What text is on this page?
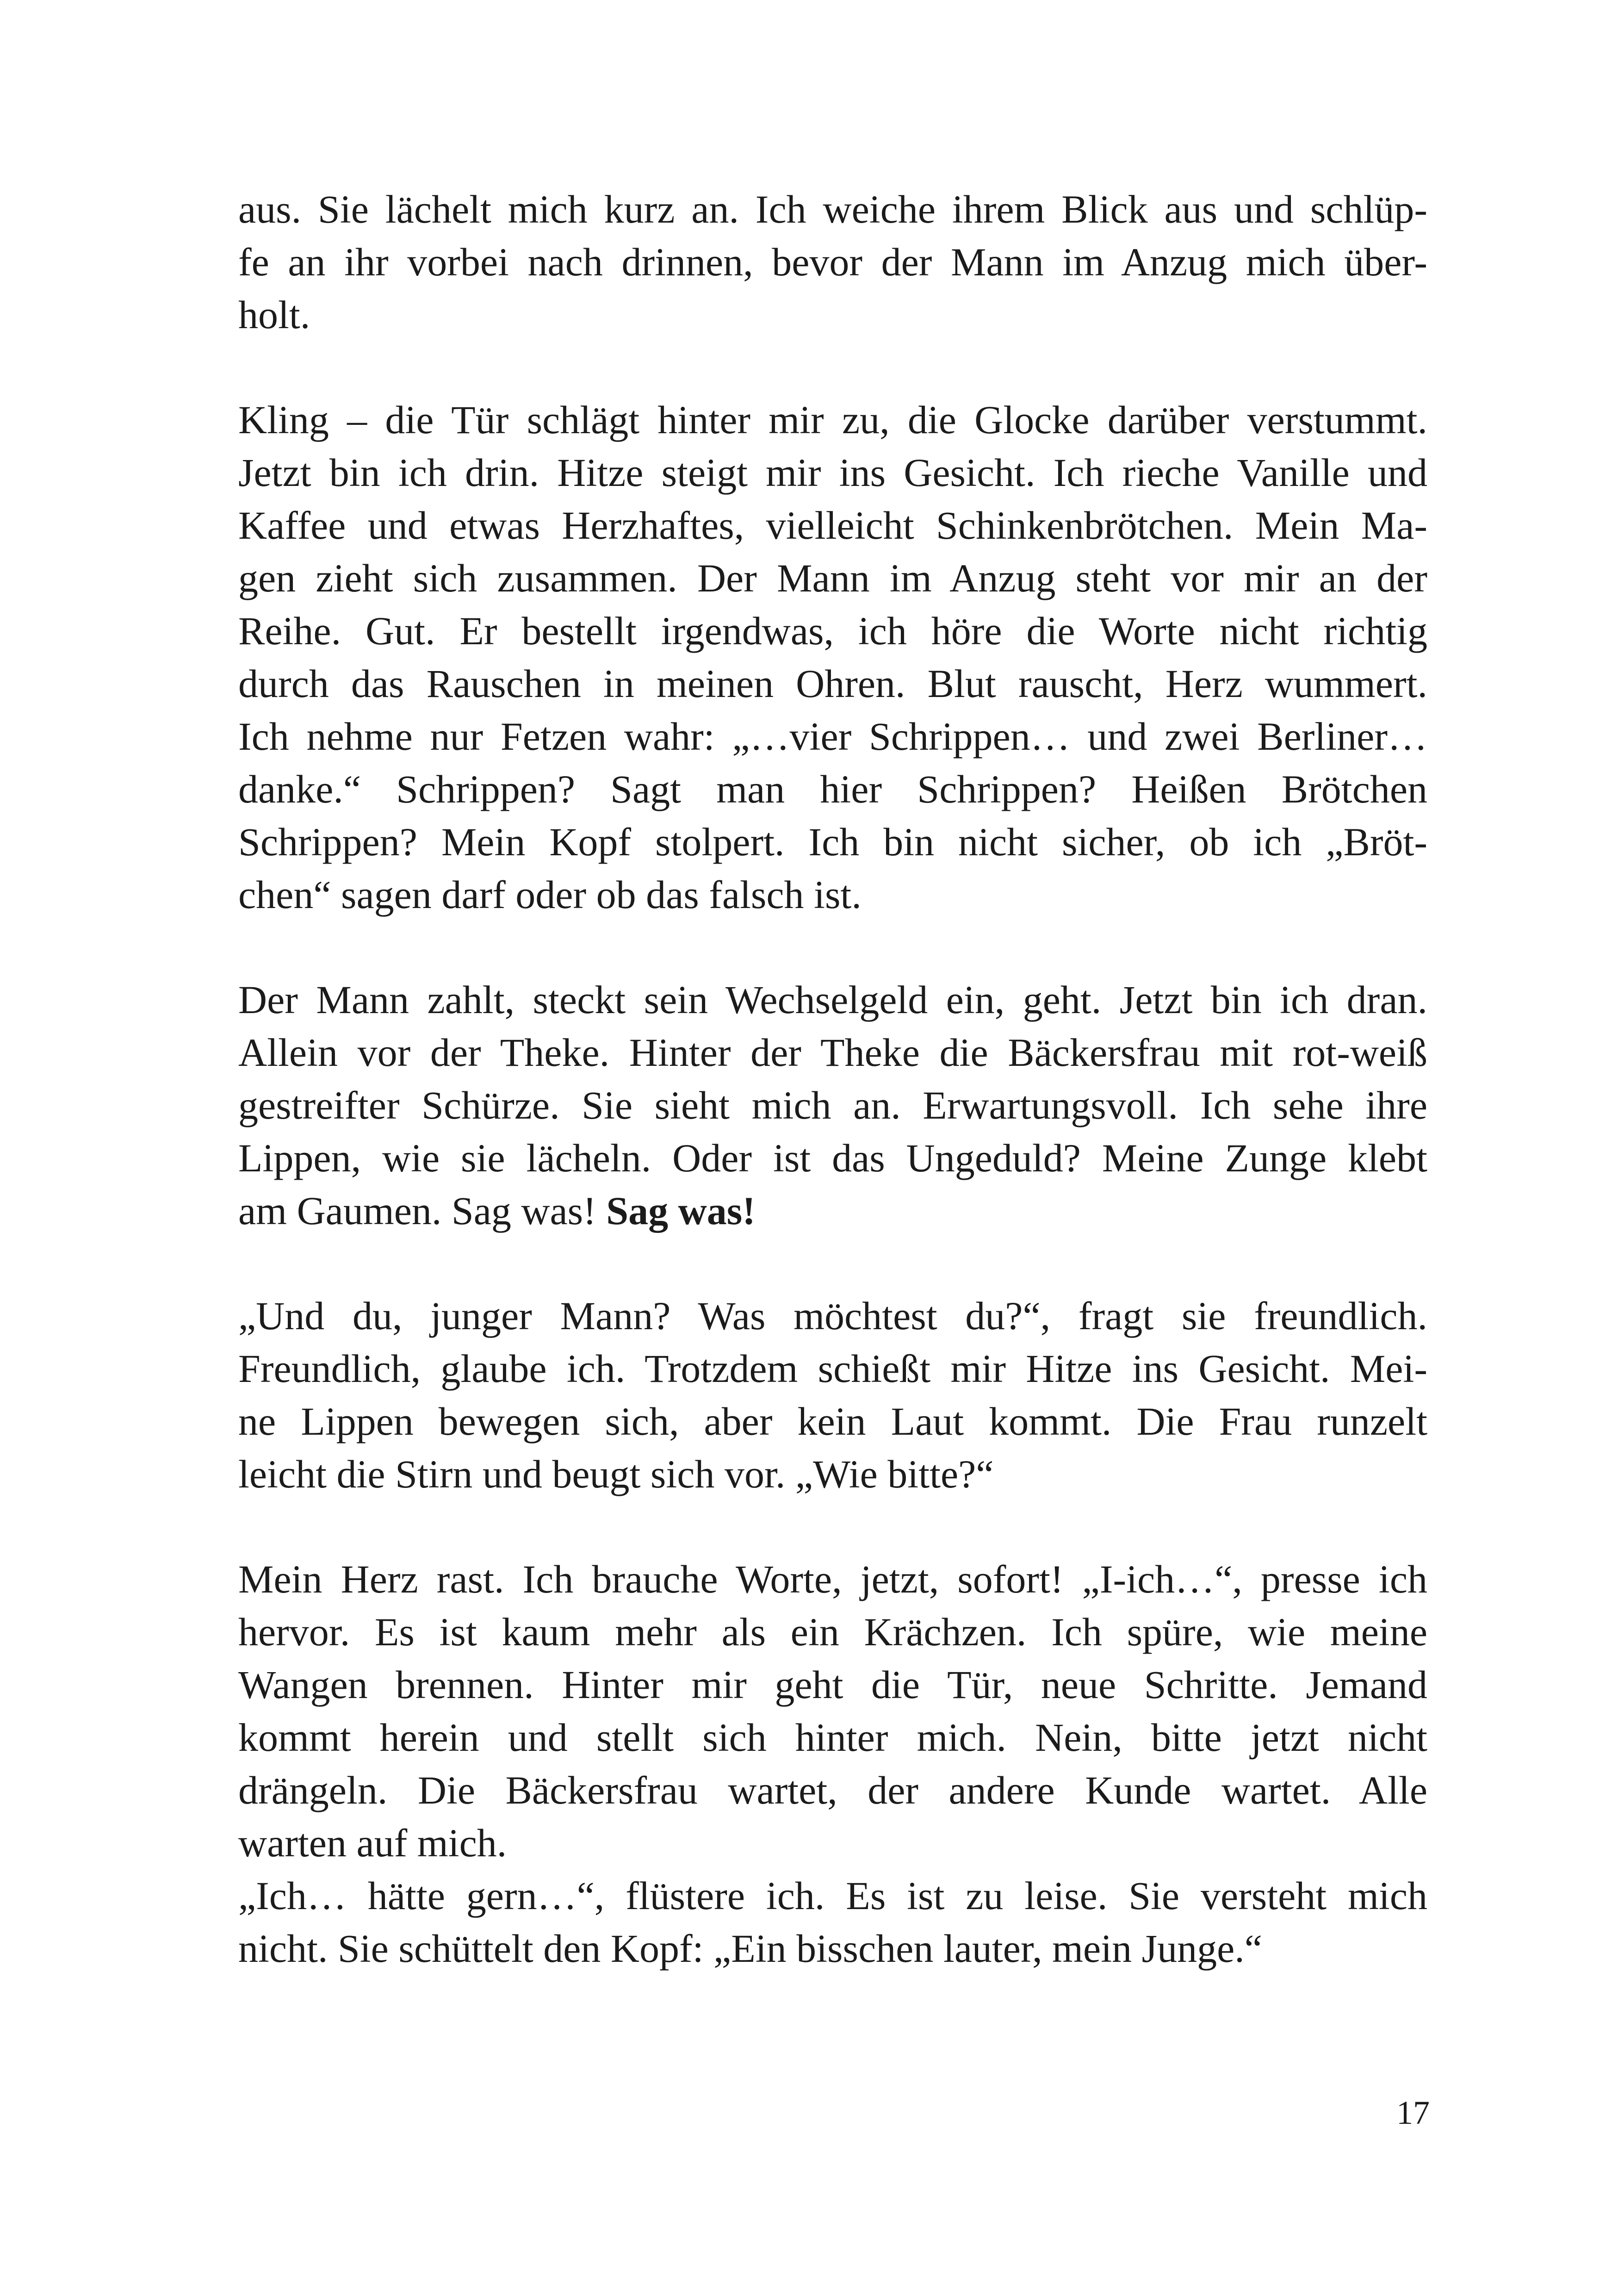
aus. Sie lächelt mich kurz an. Ich weiche ihrem Blick aus und schlüp-
fe an ihr vorbei nach drinnen, bevor der Mann im Anzug mich über-
holt.
Kling – die Tür schlägt hinter mir zu, die Glocke darüber verstummt.
Jetzt bin ich drin. Hitze steigt mir ins Gesicht. Ich rieche Vanille und
Kaffee und etwas Herzhaftes, vielleicht Schinkenbrötchen. Mein Ma-
gen zieht sich zusammen. Der Mann im Anzug steht vor mir an der
Reihe. Gut. Er bestellt irgendwas, ich höre die Worte nicht richtig
durch das Rauschen in meinen Ohren. Blut rauscht, Herz wummert.
Ich nehme nur Fetzen wahr: „…vier Schrippen… und zwei Berliner…
danke.“ Schrippen? Sagt man hier Schrippen? Heißen Brötchen
Schrippen? Mein Kopf stolpert. Ich bin nicht sicher, ob ich „Bröt-
chen“ sagen darf oder ob das falsch ist.
Der Mann zahlt, steckt sein Wechselgeld ein, geht. Jetzt bin ich dran.
Allein vor der Theke. Hinter der Theke die Bäckersfrau mit rot-weiß
gestreifter Schürze. Sie sieht mich an. Erwartungsvoll. Ich sehe ihre
Lippen, wie sie lächeln. Oder ist das Ungeduld? Meine Zunge klebt
am Gaumen. Sag was! Sag was!
„Und du, junger Mann? Was möchtest du?“, fragt sie freundlich.
Freundlich, glaube ich. Trotzdem schießt mir Hitze ins Gesicht. Mei-
ne Lippen bewegen sich, aber kein Laut kommt. Die Frau runzelt
leicht die Stirn und beugt sich vor. „Wie bitte?“
Mein Herz rast. Ich brauche Worte, jetzt, sofort! „I-ich…“, presse ich
hervor. Es ist kaum mehr als ein Krächzen. Ich spüre, wie meine
Wangen brennen. Hinter mir geht die Tür, neue Schritte. Jemand
kommt herein und stellt sich hinter mich. Nein, bitte jetzt nicht
drängeln. Die Bäckersfrau wartet, der andere Kunde wartet. Alle
warten auf mich.
„Ich… hätte gern…“, flüstere ich. Es ist zu leise. Sie versteht mich
nicht. Sie schüttelt den Kopf: „Ein bisschen lauter, mein Junge.“
17
